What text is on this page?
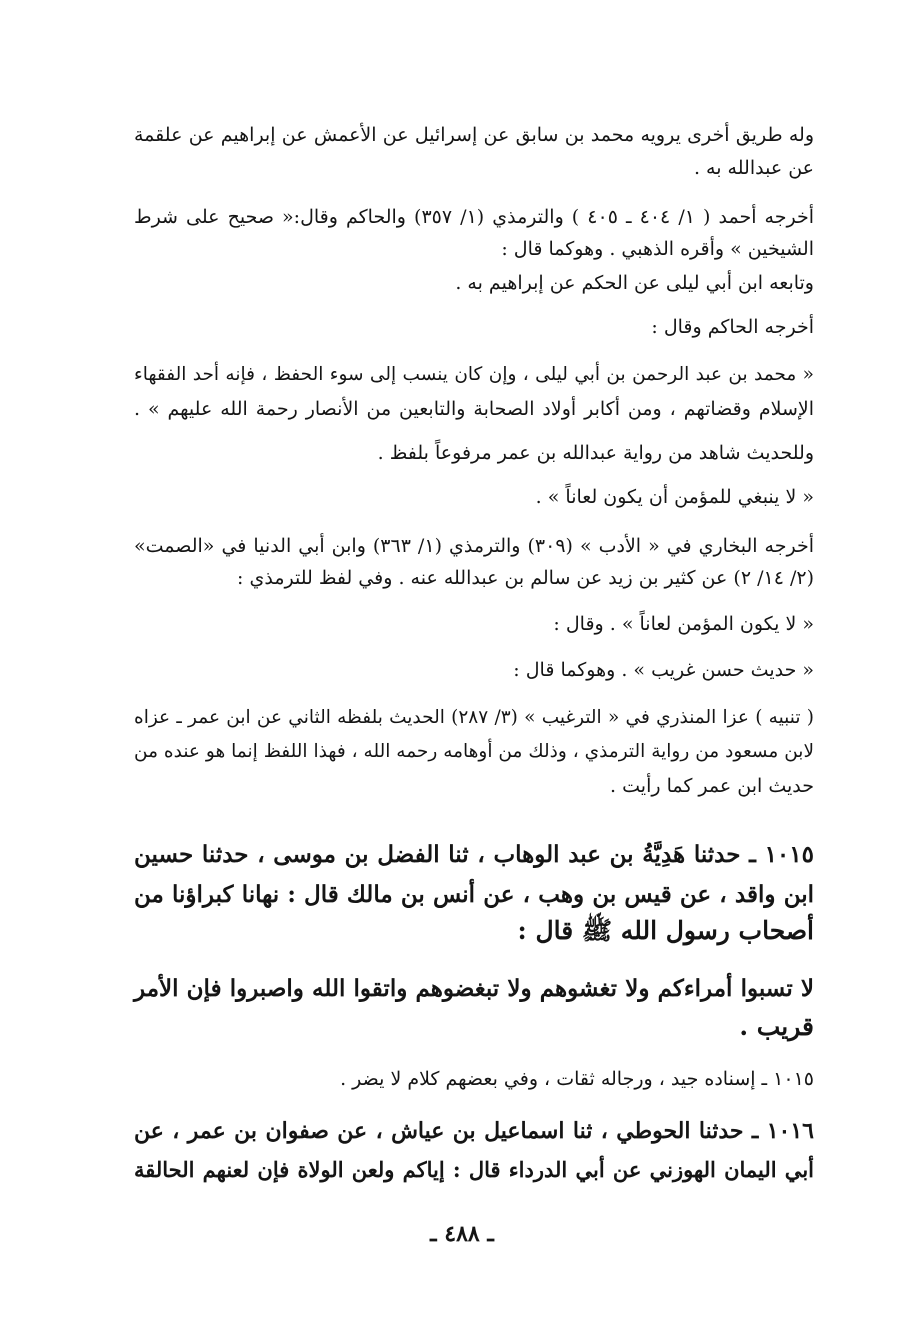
وله طريق أخرى يرويه محمد بن سابق عن إسرائيل عن الأعمش عن إبراهيم عن علقمة
عن عبدالله به .
أخرجه أحمد ( ١/ ٤٠٤ ـ ٤٠٥ ) والترمذي (١/ ٣٥٧) والحاكم وقال:« صحيح على شرط
الشيخين » وأقره الذهبي . وهوكما قال :
وتابعه ابن أبي ليلى عن الحكم عن إبراهيم به .
أخرجه الحاكم وقال :
« محمد بن عبد الرحمن بن أبي ليلى ، وإن كان ينسب إلى سوء الحفظ ، فإنه أحد الفقهاء
الإسلام وقضاتهم ، ومن أكابر أولاد الصحابة والتابعين من الأنصار رحمة الله عليهم » .
وللحديث شاهد من رواية عبدالله بن عمر مرفوعاً بلفظ .
« لا ينبغي للمؤمن أن يكون لعاناً » .
أخرجه البخاري في « الأدب » (٣٠٩) والترمذي (١/ ٣٦٣) وابن أبي الدنيا في «الصمت»
(٢/ ١٤/ ٢) عن كثير بن زيد عن سالم بن عبدالله عنه . وفي لفظ للترمذي :
« لا يكون المؤمن لعاناً » . وقال :
« حديث حسن غريب » . وهوكما قال :
( تنبيه ) عزا المنذري في « الترغيب » (٣/ ٢٨٧) الحديث بلفظه الثاني عن ابن عمر ـ عزاه
لابن مسعود من رواية الترمذي ، وذلك من أوهامه رحمه الله ، فهذا اللفظ إنما هو عنده من
حديث ابن عمر كما رأيت .
١٠١٥ ـ حدثنا هَدِيَّةُ بن عبد الوهاب ، ثنا الفضل بن موسى ، حدثنا حسين
ابن واقد ، عن قيس بن وهب ، عن أنس بن مالك قال : نهانا كبراؤنا من
أصحاب رسول الله ﷺ قال :
لا تسبوا أمراءكم ولا تغشوهم ولا تبغضوهم واتقوا الله واصبروا فإن الأمر
قريب .
١٠١٥ ـ إسناده جيد ، ورجاله ثقات ، وفي بعضهم كلام لا يضر .
١٠١٦ ـ حدثنا الحوطي ، ثنا اسماعيل بن عياش ، عن صفوان بن عمر ، عن
أبي اليمان الهوزني عن أبي الدرداء قال : إياكم ولعن الولاة فإن لعنهم الحالقة
ـ ٤٨٨ ـ
